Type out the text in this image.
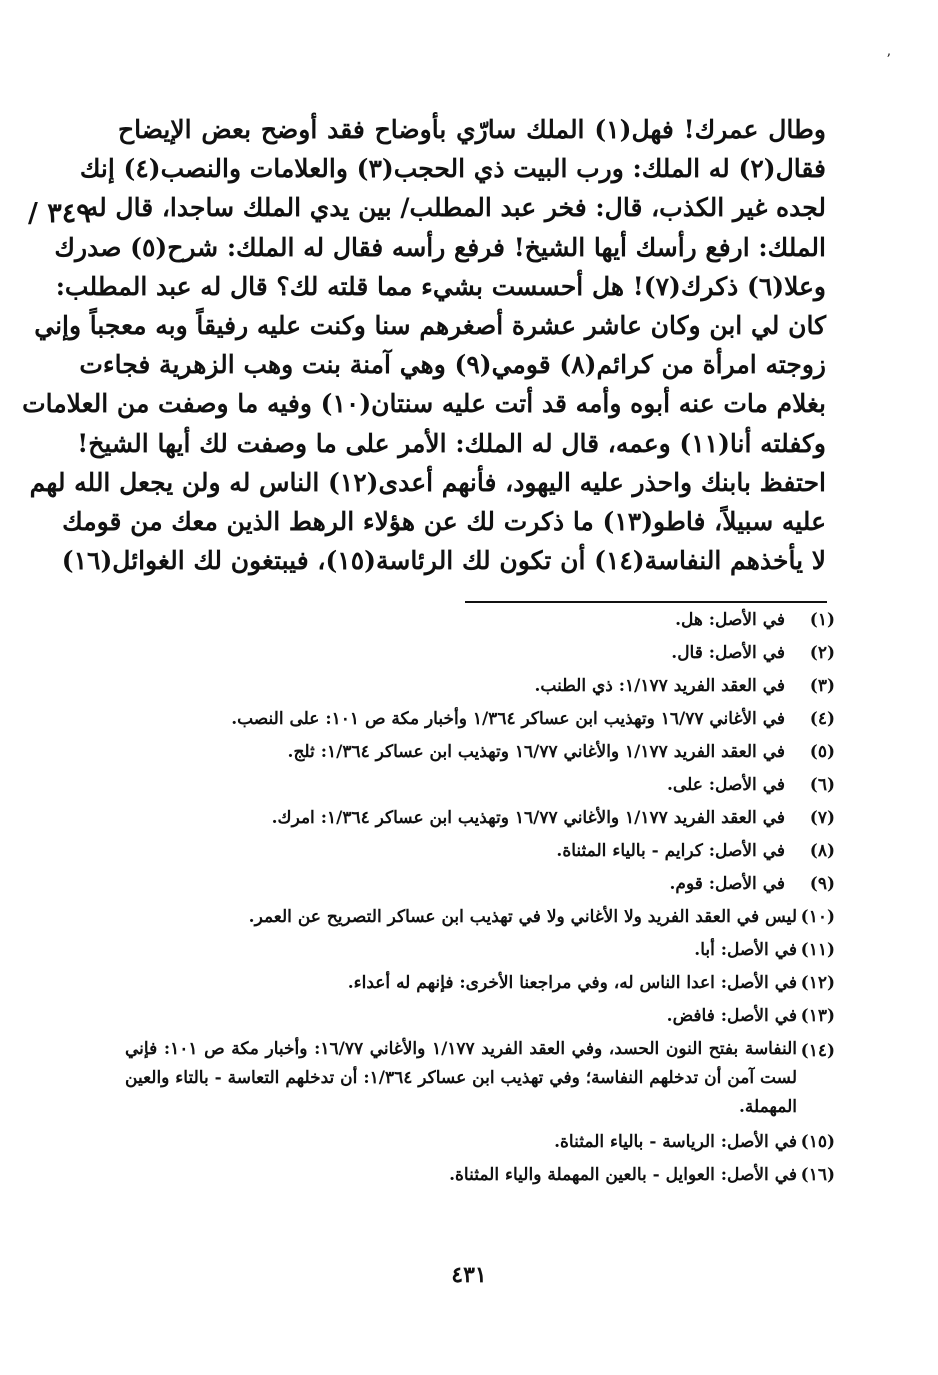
ʼ
٣٤٩ /
وطال عمرك! فهل(١) الملك سارّي بأوضاح فقد أوضح بعض الإيضاح
فقال(٢) له الملك: ورب البيت ذي الحجب(٣) والعلامات والنصب(٤) إنك
لجده غير الكذب، قال: فخر عبد المطلب/ بين يدي الملك ساجدا، قال له
الملك: ارفع رأسك أيها الشيخ! فرفع رأسه فقال له الملك: شرح(٥) صدرك
وعلا(٦) ذكرك(٧)! هل أحسست بشيء مما قلته لك؟ قال له عبد المطلب:
كان لي ابن وكان عاشر عشرة أصغرهم سنا وكنت عليه رفيقاً وبه معجباً وإني
زوجته امرأة من كرائم(٨) قومي(٩) وهي آمنة بنت وهب الزهرية فجاءت
بغلام مات عنه أبوه وأمه قد أتت عليه سنتان(١٠) وفيه ما وصفت من العلامات
وكفلته أنا(١١) وعمه، قال له الملك: الأمر على ما وصفت لك أيها الشيخ!
احتفظ بابنك واحذر عليه اليهود، فأنهم أعدى(١٢) الناس له ولن يجعل الله لهم
عليه سبيلاً، فاطو(١٣) ما ذكرت لك عن هؤلاء الرهط الذين معك من قومك
لا يأخذهم النفاسة(١٤) أن تكون لك الرئاسة(١٥)، فيبتغون لك الغوائل(١٦)
(١)
في الأصل: هل.
(٢)
في الأصل: قال.
(٣)
في العقد الفريد ١/١٧٧: ذي الطنب.
(٤)
في الأغاني ١٦/٧٧ وتهذيب ابن عساكر ١/٣٦٤ وأخبار مكة ص ١٠١: على النصب.
(٥)
في العقد الفريد ١/١٧٧ والأغاني ١٦/٧٧ وتهذيب ابن عساكر ١/٣٦٤: ثلج.
(٦)
في الأصل: على.
(٧)
في العقد الفريد ١/١٧٧ والأغاني ١٦/٧٧ وتهذيب ابن عساكر ١/٣٦٤: امرك.
(٨)
في الأصل: كرايم - بالياء المثناة.
(٩)
في الأصل: قوم.
(١٠)
ليس في العقد الفريد ولا الأغاني ولا في تهذيب ابن عساكر التصريح عن العمر.
(١١)
في الأصل: أبا.
(١٢)
في الأصل: اعدا الناس له، وفي مراجعنا الأخرى: فإنهم له أعداء.
(١٣)
في الأصل: فافض.
(١٤)
النفاسة بفتح النون الحسد، وفي العقد الفريد ١/١٧٧ والأغاني ١٦/٧٧: وأخبار مكة ص ١٠١: فإني لست آمن أن تدخلهم النفاسة؛ وفي تهذيب ابن عساكر ١/٣٦٤: أن تدخلهم التعاسة - بالتاء والعين المهملة.
(١٥)
في الأصل: الرياسة - بالياء المثناة.
(١٦)
في الأصل: العوايل - بالعين المهملة والياء المثناة.
٤٣١
